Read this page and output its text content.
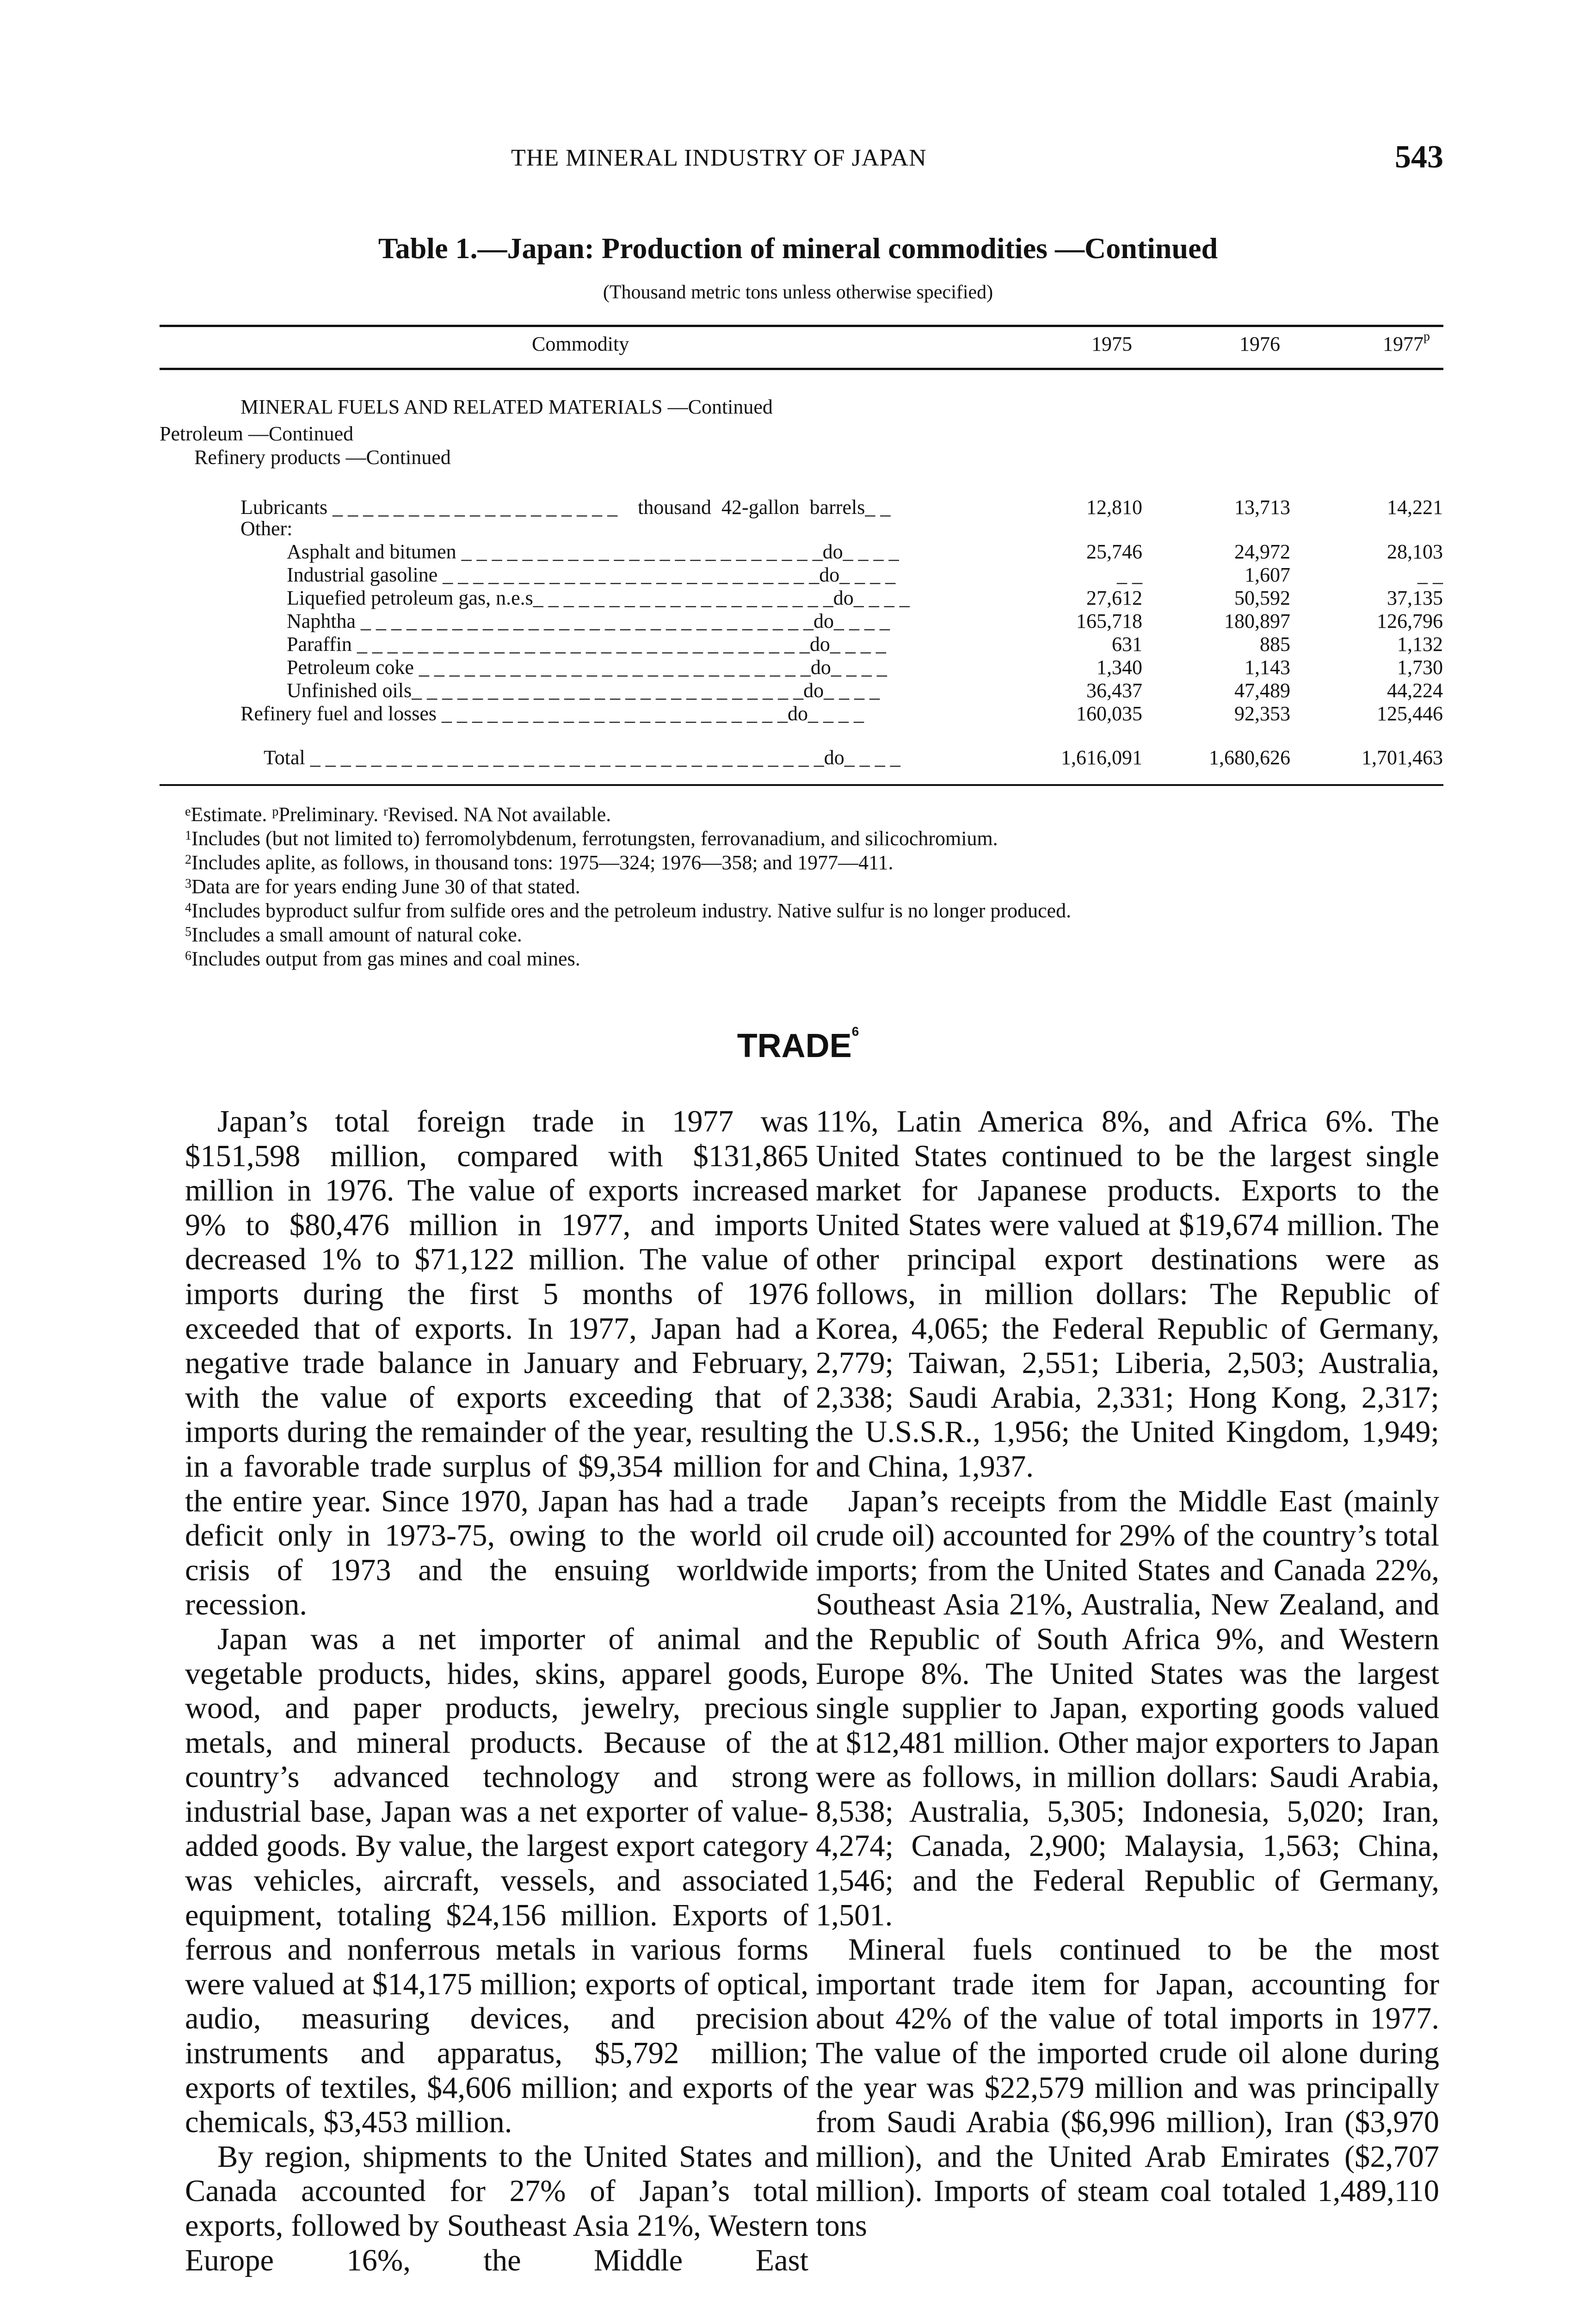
THE MINERAL INDUSTRY OF JAPAN	543
Table 1.—Japan: Production of mineral commodities —Continued
(Thousand metric tons unless otherwise specified)
Commodity	1975	1976	1977$^p$
MINERAL FUELS AND RELATED MATERIALS —Continued
Petroleum —Continued
Refinery products —Continued
Lubricants _ _ _ _ _ _ _ _ _ _ _ _ _ _ _ _ _ _ _    thousand  42-gallon  barrels_ _	12,810	13,713	14,221
Other:
Asphalt and bitumen _ _ _ _ _ _ _ _ _ _ _ _ _ _ _ _ _ _ _ _ _ _ _ _do_ _ _ _	25,746	24,972	28,103
Industrial gasoline _ _ _ _ _ _ _ _ _ _ _ _ _ _ _ _ _ _ _ _ _ _ _ _ _do_ _ _ _	_ _	1,607	_ _
Liquefied petroleum gas, n.e.s_ _ _ _ _ _ _ _ _ _ _ _ _ _ _ _ _ _ _ _do_ _ _ _	27,612	50,592	37,135
Naphtha _ _ _ _ _ _ _ _ _ _ _ _ _ _ _ _ _ _ _ _ _ _ _ _ _ _ _ _ _ _do_ _ _ _	165,718	180,897	126,796
Paraffin _ _ _ _ _ _ _ _ _ _ _ _ _ _ _ _ _ _ _ _ _ _ _ _ _ _ _ _ _ _do_ _ _ _	631	885	1,132
Petroleum coke _ _ _ _ _ _ _ _ _ _ _ _ _ _ _ _ _ _ _ _ _ _ _ _ _ _do_ _ _ _	1,340	1,143	1,730
Unfinished oils_ _ _ _ _ _ _ _ _ _ _ _ _ _ _ _ _ _ _ _ _ _ _ _ _ _do_ _ _ _	36,437	47,489	44,224
Refinery fuel and losses _ _ _ _ _ _ _ _ _ _ _ _ _ _ _ _ _ _ _ _ _ _ _do_ _ _ _	160,035	92,353	125,446
Total _ _ _ _ _ _ _ _ _ _ _ _ _ _ _ _ _ _ _ _ _ _ _ _ _ _ _ _ _ _ _ _ _ _do_ _ _ _	1,616,091	1,680,626	1,701,463
$^e$Estimate. $^p$Preliminary. $^r$Revised. NA Not available.
$^1$Includes (but not limited to) ferromolybdenum, ferrotungsten, ferrovanadium, and silicochromium.
$^2$Includes aplite, as follows, in thousand tons: 1975—324; 1976—358; and 1977—411.
$^3$Data are for years ending June 30 of that stated.
$^4$Includes byproduct sulfur from sulfide ores and the petroleum industry. Native sulfur is no longer produced.
$^5$Includes a small amount of natural coke.
$^6$Includes output from gas mines and coal mines.
TRADE$^6$

Japan’s total foreign trade in 1977 was $151,598 million, compared with $131,865 million in 1976. The value of exports increased 9% to $80,476 million in 1977, and imports decreased 1% to $71,122 million. The value of imports during the first 5 months of 1976 exceeded that of exports. In 1977, Japan had a negative trade balance in January and February, with the value of exports exceeding that of imports during the remainder of the year, resulting in a favorable trade surplus of $9,354 million for the entire year. Since 1970, Japan has had a trade deficit only in 1973-75, owing to the world oil crisis of 1973 and the ensuing worldwide recession.

Japan was a net importer of animal and vegetable products, hides, skins, apparel goods, wood, and paper products, jewelry, precious metals, and mineral products. Because of the country’s advanced technology and strong industrial base, Japan was a net exporter of value-added goods. By value, the largest export category was vehicles, aircraft, vessels, and associated equipment, totaling $24,156 million. Exports of ferrous and nonferrous metals in various forms were valued at $14,175 million; exports of optical, audio, measuring devices, and precision instruments and apparatus, $5,792 million; exports of textiles, $4,606 million; and exports of chemicals, $3,453 million.

By region, shipments to the United States and Canada accounted for 27% of Japan’s total exports, followed by Southeast Asia 21%, Western Europe 16%, the Middle East

11%, Latin America 8%, and Africa 6%. The United States continued to be the largest single market for Japanese products. Exports to the United States were valued at $19,674 million. The other principal export destinations were as follows, in million dollars: The Republic of Korea, 4,065; the Federal Republic of Germany, 2,779; Taiwan, 2,551; Liberia, 2,503; Australia, 2,338; Saudi Arabia, 2,331; Hong Kong, 2,317; the U.S.S.R., 1,956; the United Kingdom, 1,949; and China, 1,937.

Japan’s receipts from the Middle East (mainly crude oil) accounted for 29% of the country’s total imports; from the United States and Canada 22%, Southeast Asia 21%, Australia, New Zealand, and the Republic of South Africa 9%, and Western Europe 8%. The United States was the largest single supplier to Japan, exporting goods valued at $12,481 million. Other major exporters to Japan were as follows, in million dollars: Saudi Arabia, 8,538; Australia, 5,305; Indonesia, 5,020; Iran, 4,274; Canada, 2,900; Malaysia, 1,563; China, 1,546; and the Federal Republic of Germany, 1,501.

Mineral fuels continued to be the most important trade item for Japan, accounting for about 42% of the value of total imports in 1977. The value of the imported crude oil alone during the year was $22,579 million and was principally from Saudi Arabia ($6,996 million), Iran ($3,970 million), and the United Arab Emirates ($2,707 million). Imports of steam coal totaled 1,489,110 tons
